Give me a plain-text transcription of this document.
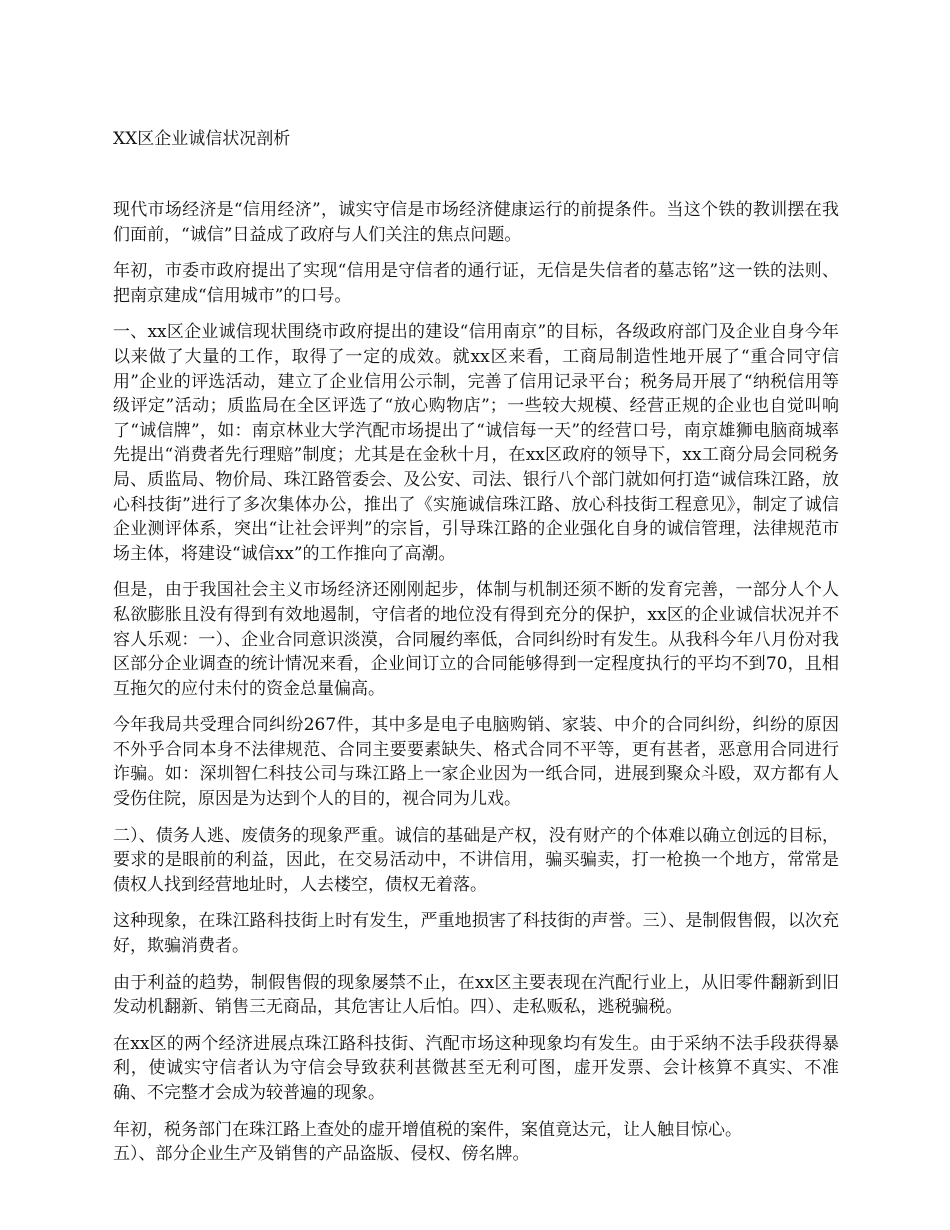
XX区企业诚信状况剖析

现代市场经济是“信用经济”，诚实守信是市场经济健康运行的前提条件。当这个铁的教训摆在我们面前，“诚信”日益成了政府与人们关注的焦点问题。

年初，市委市政府提出了实现“信用是守信者的通行证，无信是失信者的墓志铭”这一铁的法则、把南京建成“信用城市”的口号。

一、xx区企业诚信现状围绕市政府提出的建设“信用南京”的目标，各级政府部门及企业自身今年以来做了大量的工作，取得了一定的成效。就xx区来看，工商局制造性地开展了“重合同守信用”企业的评选活动，建立了企业信用公示制，完善了信用记录平台；税务局开展了“纳税信用等级评定”活动；质监局在全区评选了“放心购物店”；一些较大规模、经营正规的企业也自觉叫响了“诚信牌”，如：南京林业大学汽配市场提出了“诚信每一天”的经营口号，南京雄狮电脑商城率先提出“消费者先行理赔”制度；尤其是在金秋十月，在xx区政府的领导下，xx工商分局会同税务局、质监局、物价局、珠江路管委会、及公安、司法、银行八个部门就如何打造“诚信珠江路，放心科技街”进行了多次集体办公，推出了《实施诚信珠江路、放心科技街工程意见》，制定了诚信企业测评体系，突出“让社会评判”的宗旨，引导珠江路的企业强化自身的诚信管理，法律规范市场主体，将建设“诚信xx”的工作推向了高潮。

但是，由于我国社会主义市场经济还刚刚起步，体制与机制还须不断的发育完善，一部分人个人私欲膨胀且没有得到有效地遏制，守信者的地位没有得到充分的保护，xx区的企业诚信状况并不容人乐观：一）、企业合同意识淡漠，合同履约率低，合同纠纷时有发生。从我科今年八月份对我区部分企业调查的统计情况来看，企业间订立的合同能够得到一定程度执行的平均不到70，且相互拖欠的应付未付的资金总量偏高。

今年我局共受理合同纠纷267件，其中多是电子电脑购销、家装、中介的合同纠纷，纠纷的原因不外乎合同本身不法律规范、合同主要要素缺失、格式合同不平等，更有甚者，恶意用合同进行诈骗。如：深圳智仁科技公司与珠江路上一家企业因为一纸合同，进展到聚众斗殴，双方都有人受伤住院，原因是为达到个人的目的，视合同为儿戏。

二）、债务人逃、废债务的现象严重。诚信的基础是产权，没有财产的个体难以确立创远的目标，要求的是眼前的利益，因此，在交易活动中，不讲信用，骗买骗卖，打一枪换一个地方，常常是债权人找到经营地址时，人去楼空，债权无着落。

这种现象，在珠江路科技街上时有发生，严重地损害了科技街的声誉。三）、是制假售假，以次充好，欺骗消费者。

由于利益的趋势，制假售假的现象屡禁不止，在xx区主要表现在汽配行业上，从旧零件翻新到旧发动机翻新、销售三无商品，其危害让人后怕。四）、走私贩私，逃税骗税。

在xx区的两个经济进展点珠江路科技街、汽配市场这种现象均有发生。由于采纳不法手段获得暴利，使诚实守信者认为守信会导致获利甚微甚至无利可图，虚开发票、会计核算不真实、不准确、不完整才会成为较普遍的现象。

年初，税务部门在珠江路上查处的虚开增值税的案件，案值竟达元，让人触目惊心。

五）、部分企业生产及销售的产品盗版、侵权、傍名牌。
